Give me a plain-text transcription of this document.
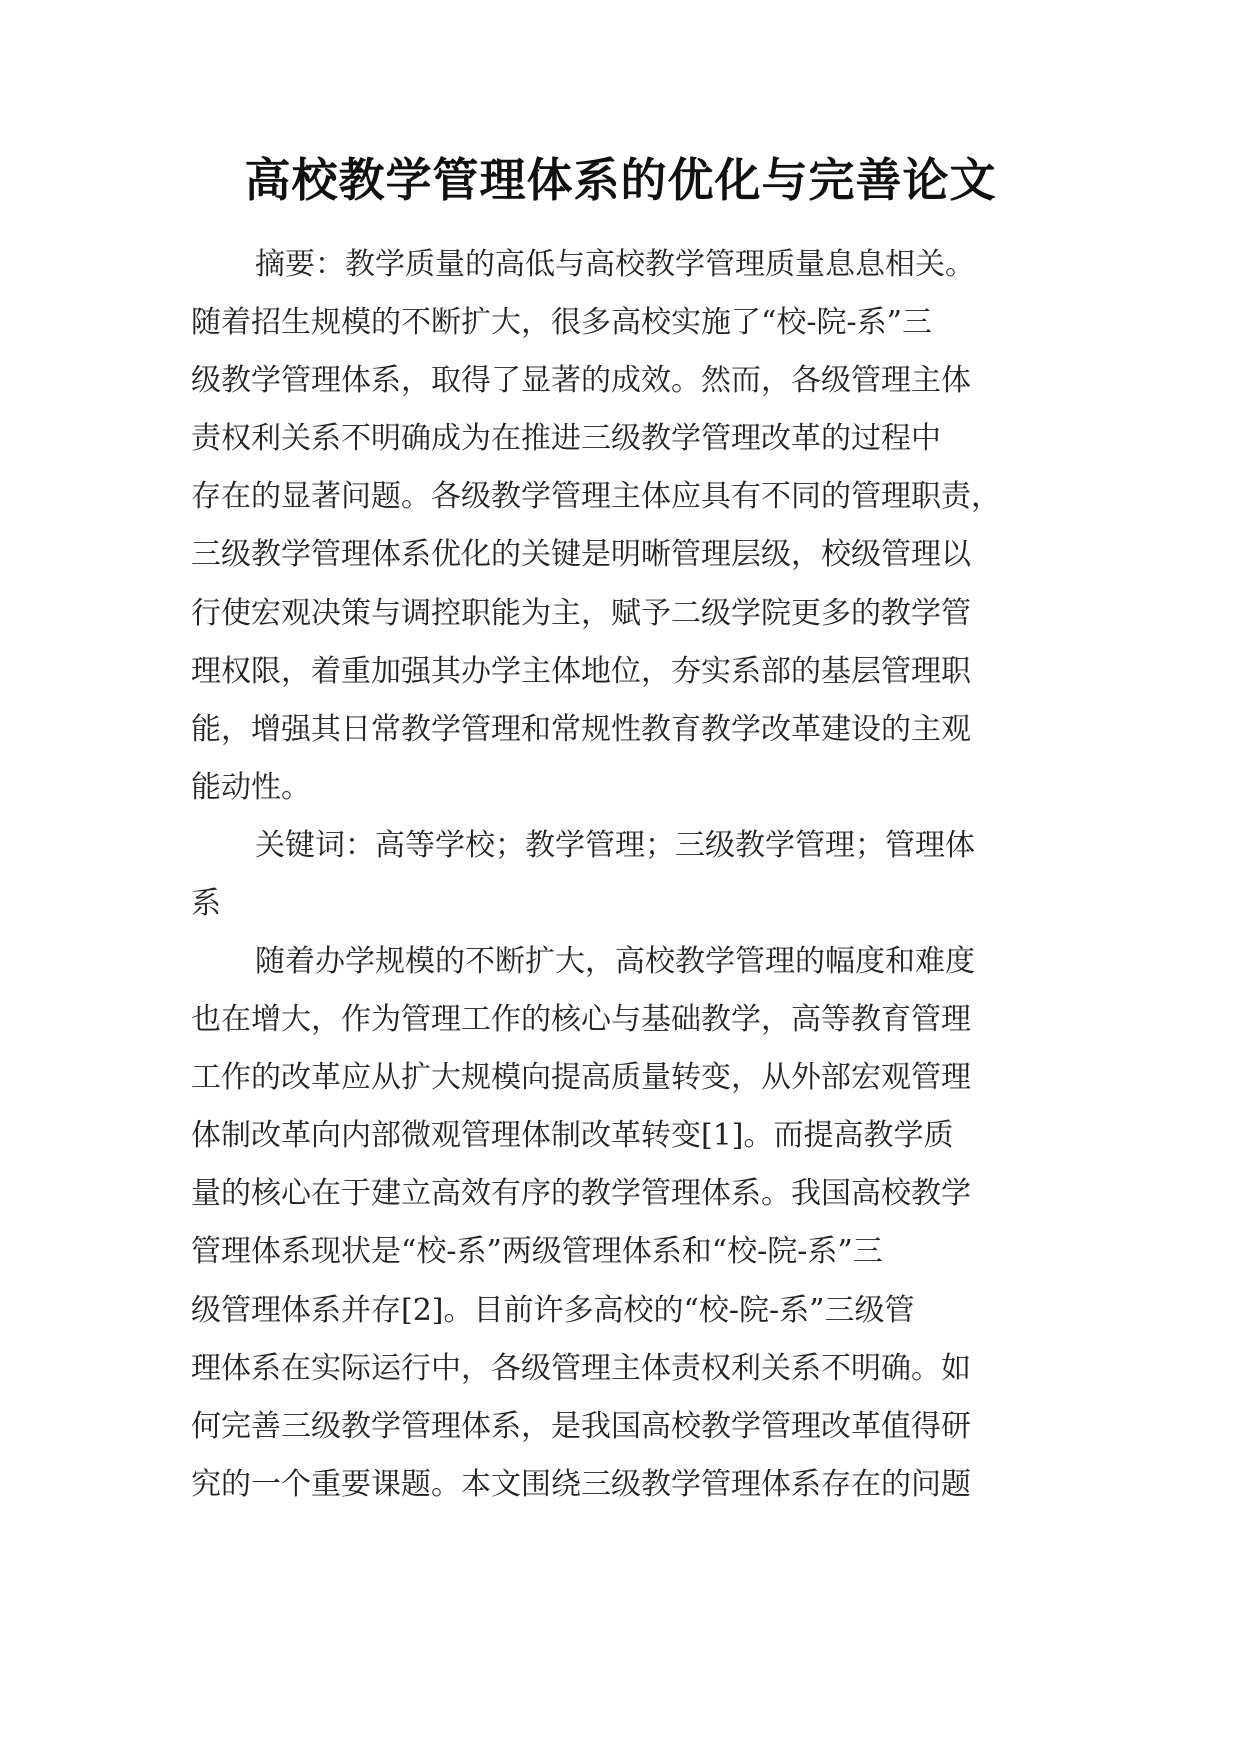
高校教学管理体系的优化与完善论文
摘要：教学质量的高低与高校教学管理质量息息相关。
随着招生规模的不断扩大，很多高校实施了“校-院-系”三
级教学管理体系，取得了显著的成效。然而，各级管理主体
责权利关系不明确成为在推进三级教学管理改革的过程中
存在的显著问题。各级教学管理主体应具有不同的管理职责，
三级教学管理体系优化的关键是明晰管理层级，校级管理以
行使宏观决策与调控职能为主，赋予二级学院更多的教学管
理权限，着重加强其办学主体地位，夯实系部的基层管理职
能，增强其日常教学管理和常规性教育教学改革建设的主观
能动性。
关键词：高等学校；教学管理；三级教学管理；管理体
系
随着办学规模的不断扩大，高校教学管理的幅度和难度
也在增大，作为管理工作的核心与基础教学，高等教育管理
工作的改革应从扩大规模向提高质量转变，从外部宏观管理
体制改革向内部微观管理体制改革转变[1]。而提高教学质
量的核心在于建立高效有序的教学管理体系。我国高校教学
管理体系现状是“校-系”两级管理体系和“校-院-系”三
级管理体系并存[2]。目前许多高校的“校-院-系”三级管
理体系在实际运行中，各级管理主体责权利关系不明确。如
何完善三级教学管理体系，是我国高校教学管理改革值得研
究的一个重要课题。本文围绕三级教学管理体系存在的问题
